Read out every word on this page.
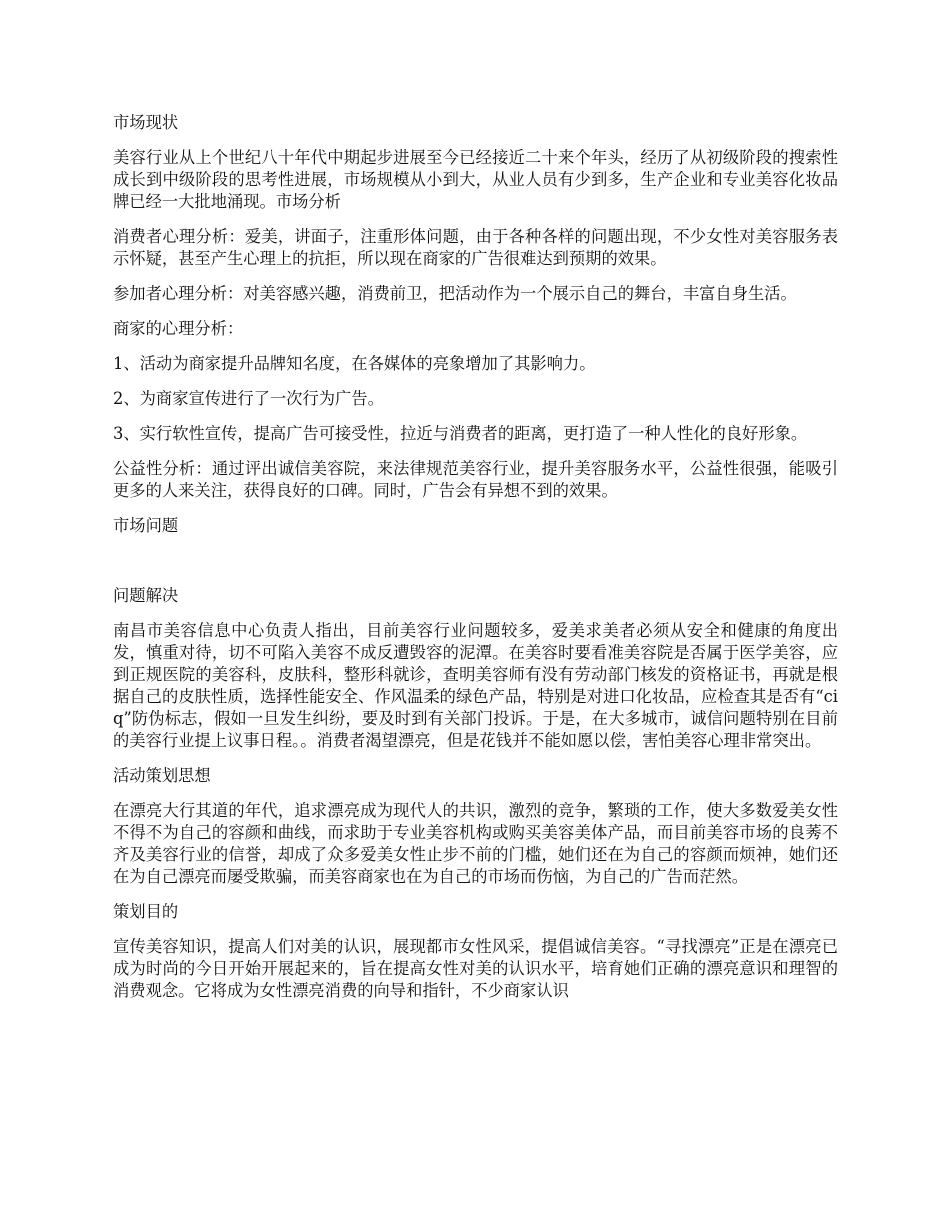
市场现状

美容行业从上个世纪八十年代中期起步进展至今已经接近二十来个年头，经历了从初级阶段的搜索性成长到中级阶段的思考性进展，市场规模从小到大，从业人员有少到多，生产企业和专业美容化妆品牌已经一大批地涌现。市场分析

消费者心理分析：爱美，讲面子，注重形体问题，由于各种各样的问题出现，不少女性对美容服务表示怀疑，甚至产生心理上的抗拒，所以现在商家的广告很难达到预期的效果。

参加者心理分析：对美容感兴趣，消费前卫，把活动作为一个展示自己的舞台，丰富自身生活。

商家的心理分析：

1、活动为商家提升品牌知名度，在各媒体的亮象增加了其影响力。

2、为商家宣传进行了一次行为广告。

3、实行软性宣传，提高广告可接受性，拉近与消费者的距离，更打造了一种人性化的良好形象。

公益性分析：通过评出诚信美容院，来法律规范美容行业，提升美容服务水平，公益性很强，能吸引更多的人来关注，获得良好的口碑。同时，广告会有异想不到的效果。

市场问题

问题解决

南昌市美容信息中心负责人指出，目前美容行业问题较多，爱美求美者必须从安全和健康的角度出发，慎重对待，切不可陷入美容不成反遭毁容的泥潭。在美容时要看准美容院是否属于医学美容，应到正规医院的美容科，皮肤科，整形科就诊，查明美容师有没有劳动部门核发的资格证书，再就是根据自己的皮肤性质，选择性能安全、作风温柔的绿色产品，特别是对进口化妆品，应检查其是否有“ciq”防伪标志，假如一旦发生纠纷，要及时到有关部门投诉。于是，在大多城市，诚信问题特别在目前的美容行业提上议事日程。。消费者渴望漂亮，但是花钱并不能如愿以偿，害怕美容心理非常突出。

活动策划思想

在漂亮大行其道的年代，追求漂亮成为现代人的共识，激烈的竞争，繁琐的工作，使大多数爱美女性不得不为自己的容颜和曲线，而求助于专业美容机构或购买美容美体产品，而目前美容市场的良莠不齐及美容行业的信誉，却成了众多爱美女性止步不前的门槛，她们还在为自己的容颜而烦神，她们还在为自己漂亮而屡受欺骗，而美容商家也在为自己的市场而伤恼，为自己的广告而茫然。

策划目的

宣传美容知识，提高人们对美的认识，展现都市女性风采，提倡诚信美容。“寻找漂亮”正是在漂亮已成为时尚的今日开始开展起来的，旨在提高女性对美的认识水平，培育她们正确的漂亮意识和理智的消费观念。它将成为女性漂亮消费的向导和指针，不少商家认识
